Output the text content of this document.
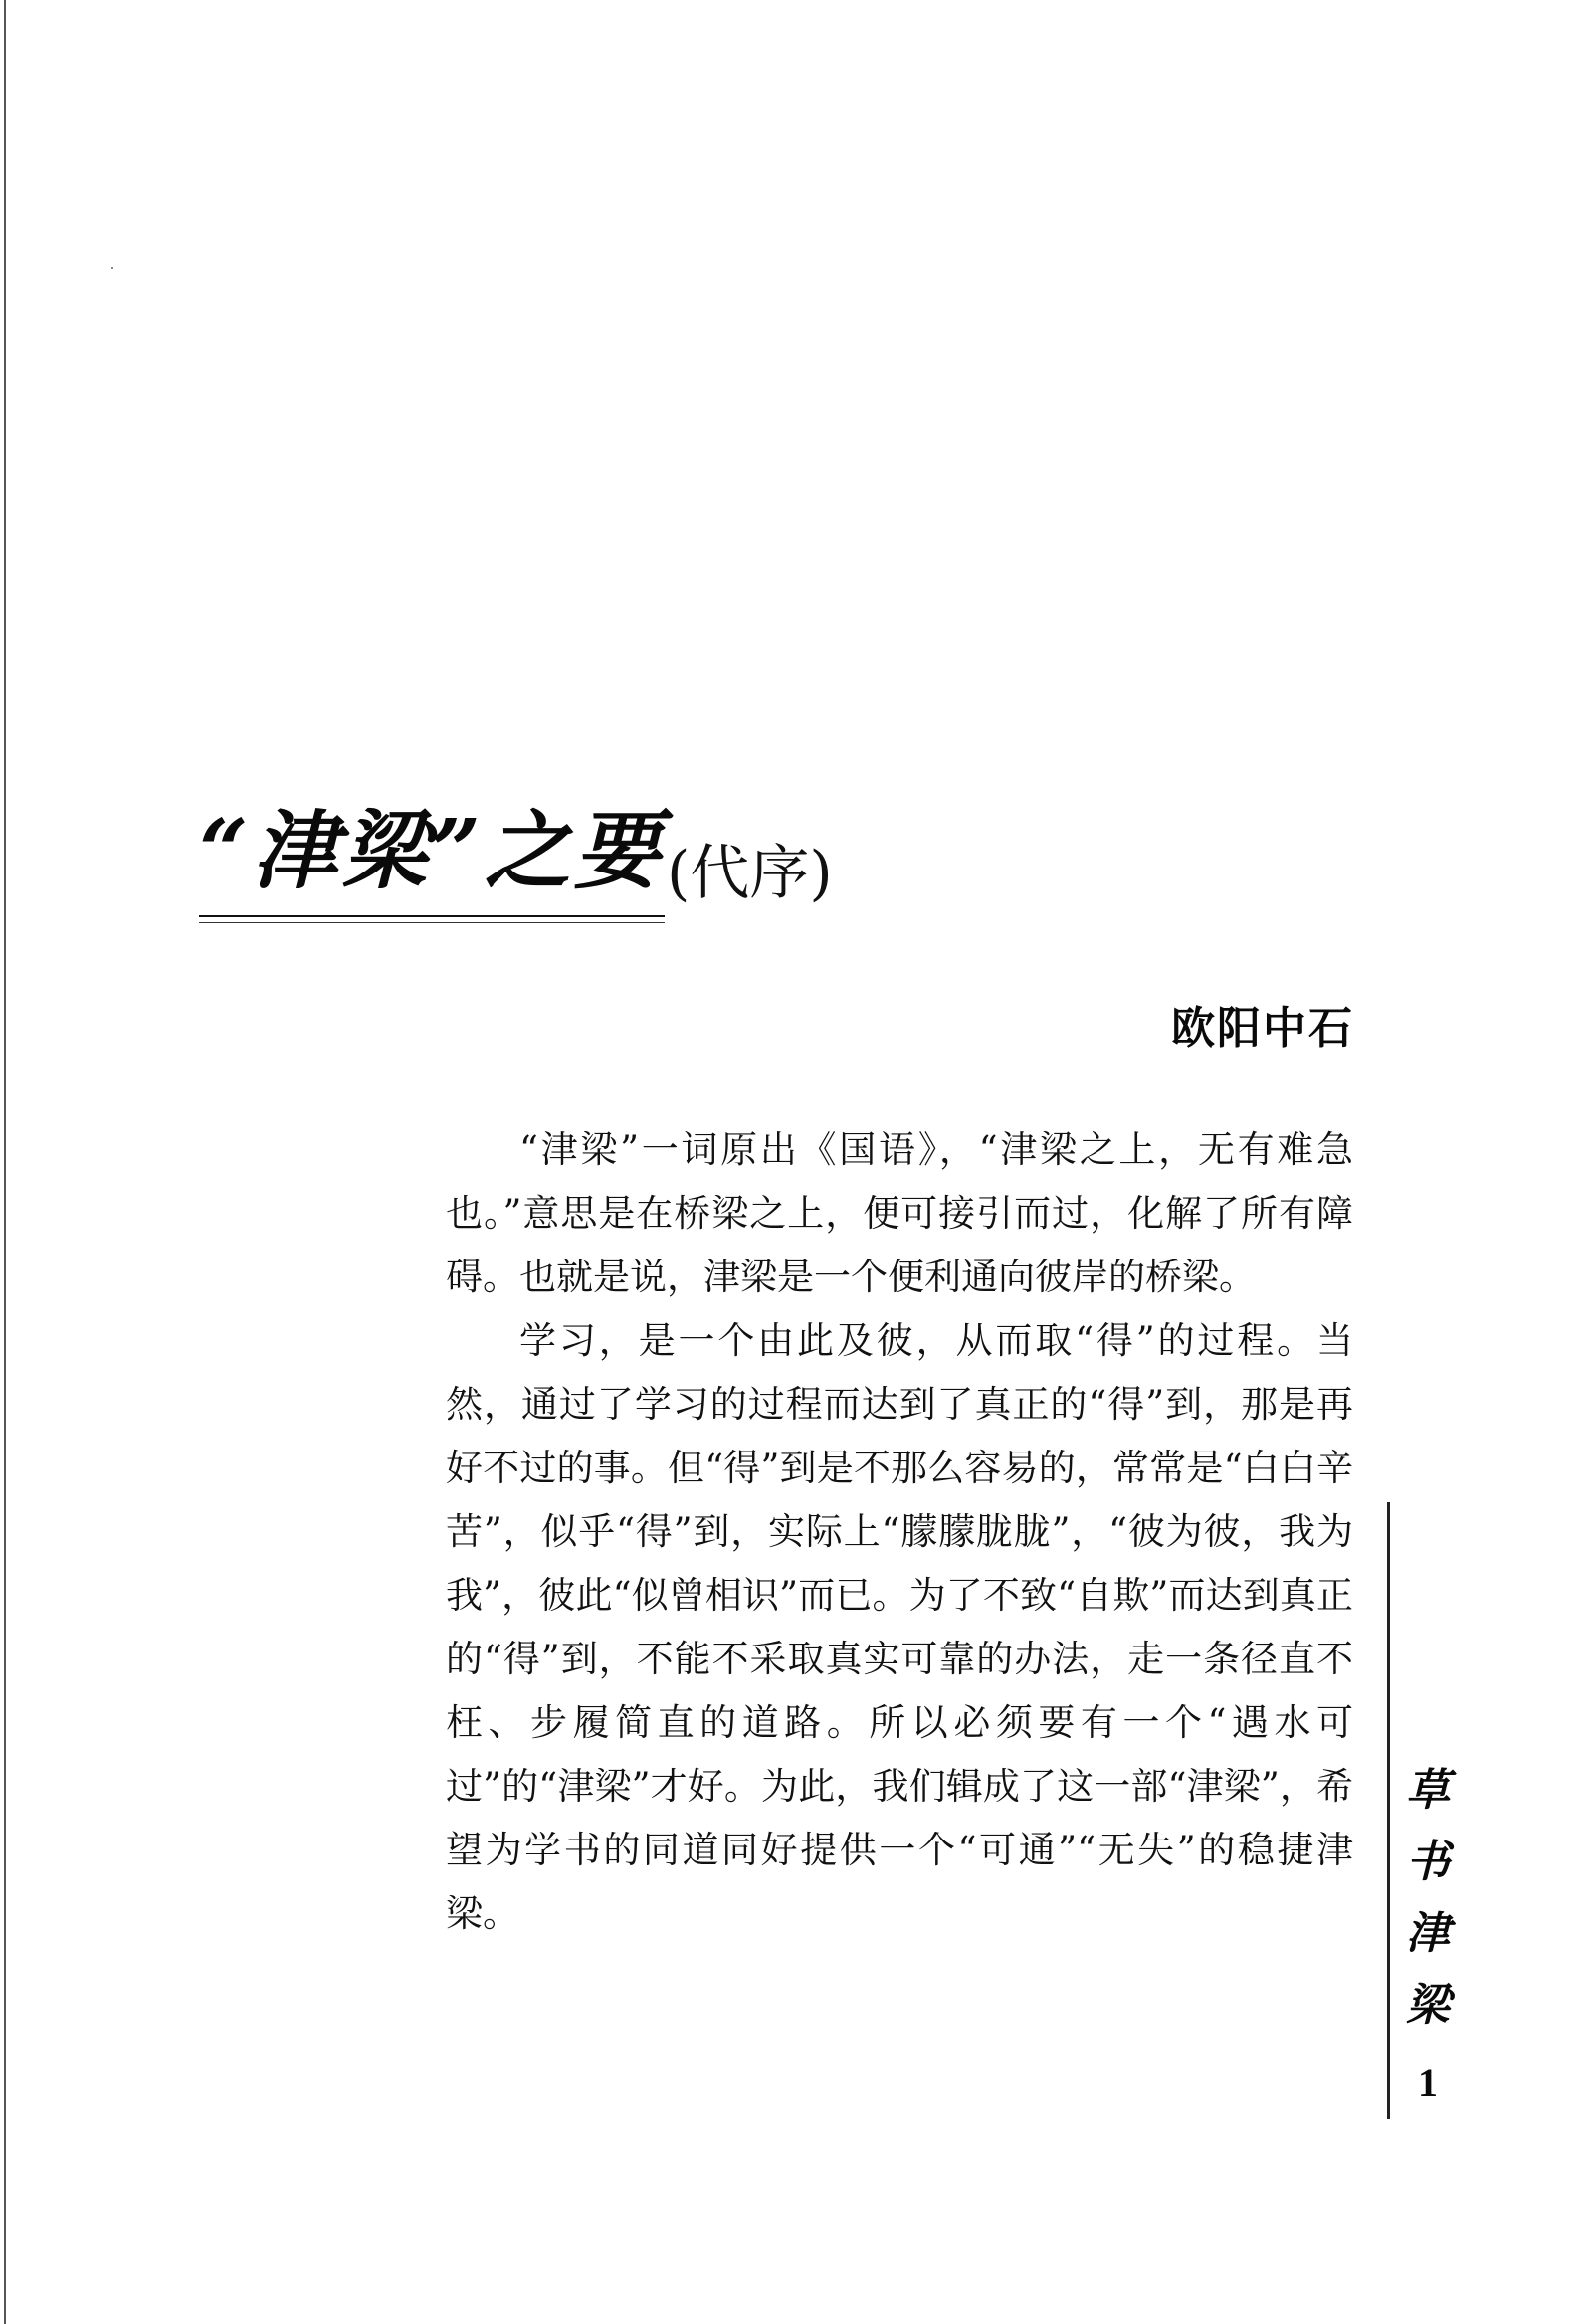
“津梁”之要 (代序)
欧阳中石

“津梁”一词原出《国语》，“津梁之上，无有难急也。”意思是在桥梁之上，便可接引而过，化解了所有障碍。也就是说，津梁是一个便利通向彼岸的桥梁。

学习，是一个由此及彼，从而取“得”的过程。当然，通过了学习的过程而达到了真正的“得”到，那是再好不过的事。但“得”到是不那么容易的，常常是“白白辛苦”，似乎“得”到，实际上“朦朦胧胧”，“彼为彼，我为我”，彼此“似曾相识”而已。为了不致“自欺”而达到真正的“得”到，不能不采取真实可靠的办法，走一条径直不枉、步履简直的道路。所以必须要有一个“遇水可过”的“津梁”才好。为此，我们辑成了这一部“津梁”，希望为学书的同道同好提供一个“可通”“无失”的稳捷津梁。

草
书
津
梁
1
